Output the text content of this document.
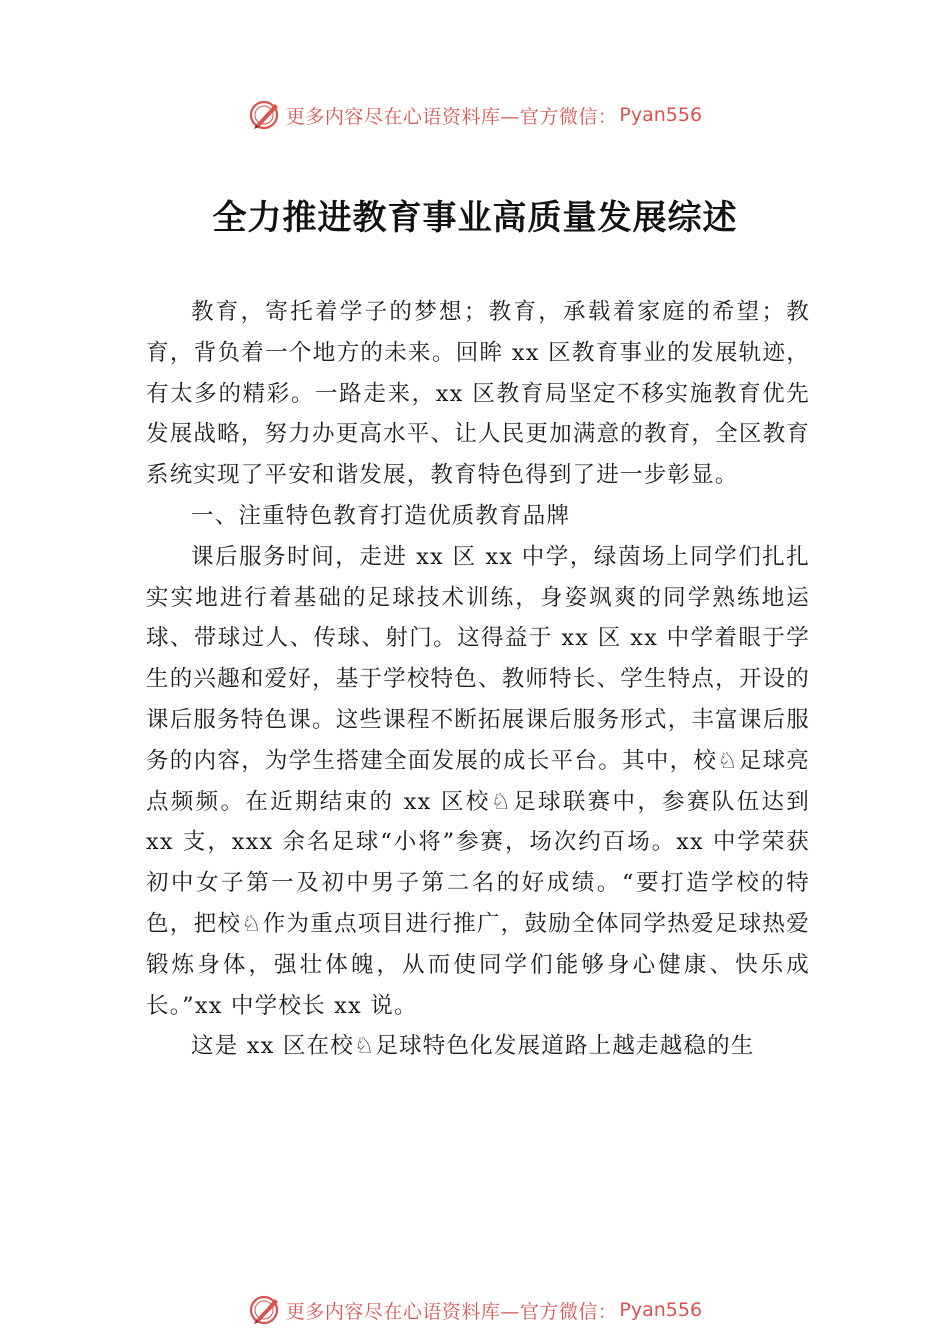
更多内容尽在心语资料库—官方微信： Pyan556
全力推进教育事业高质量发展综述

教育，寄托着学子的梦想；教育，承载着家庭的希望；教育，背负着一个地方的未来。回眸 xx 区教育事业的发展轨迹，有太多的精彩。一路走来，xx 区教育局坚定不移实施教育优先发展战略，努力办更高水平、让人民更加满意的教育，全区教育系统实现了平安和谐发展，教育特色得到了进一步彰显。

一、注重特色教育打造优质教育品牌

课后服务时间，走进 xx 区 xx 中学，绿茵场上同学们扎扎实实地进行着基础的足球技术训练，身姿飒爽的同学熟练地运球、带球过人、传球、射门。这得益于 xx 区 xx 中学着眼于学生的兴趣和爱好，基于学校特色、教师特长、学生特点，开设的课后服务特色课。这些课程不断拓展课后服务形式，丰富课后服务的内容，为学生搭建全面发展的成长平台。其中，校♘足球亮点频频。在近期结束的 xx 区校♘足球联赛中，参赛队伍达到 xx 支，xxx 余名足球“小将”参赛，场次约百场。xx 中学荣获初中女子第一及初中男子第二名的好成绩。“要打造学校的特色，把校♘作为重点项目进行推广，鼓励全体同学热爱足球热爱锻炼身体，强壮体魄，从而使同学们能够身心健康、快乐成长。”xx 中学校长 xx 说。

这是 xx 区在校♘足球特色化发展道路上越走越稳的生

更多内容尽在心语资料库—官方微信： Pyan556
